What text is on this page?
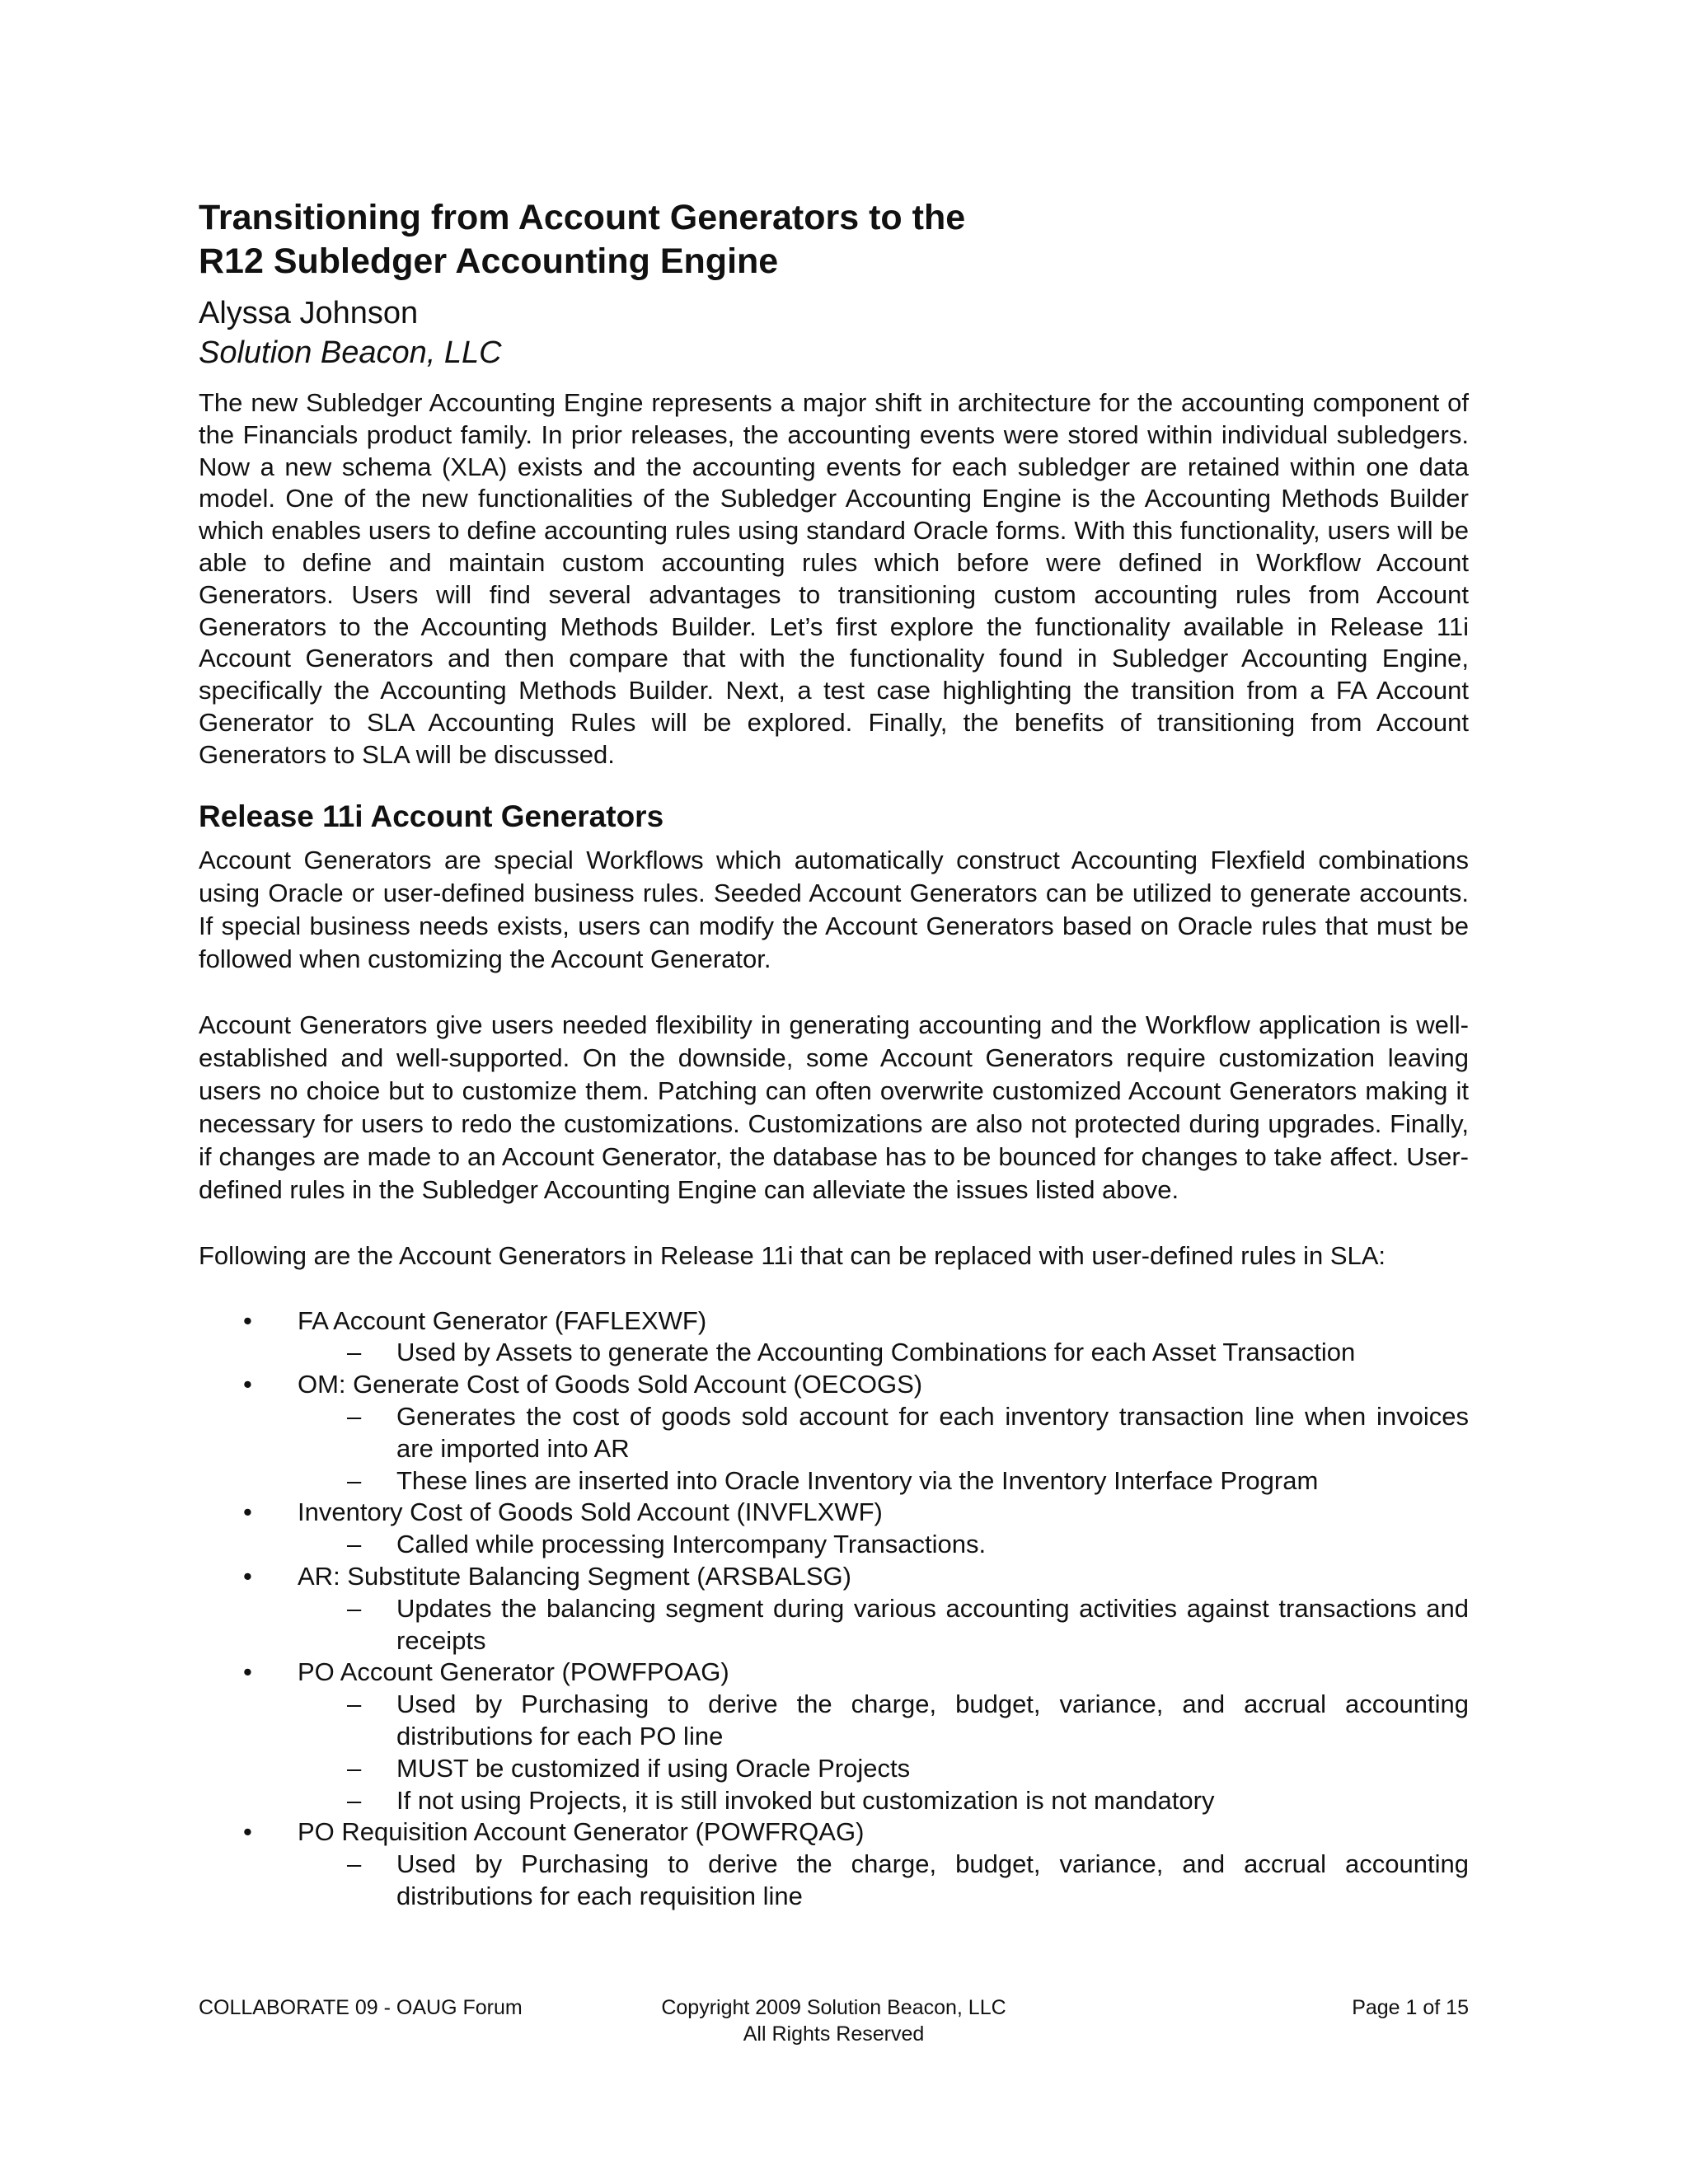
Transitioning from Account Generators to the
R12 Subledger Accounting Engine
Alyssa Johnson
Solution Beacon, LLC

The new Subledger Accounting Engine represents a major shift in architecture for the accounting component of the Financials product family. In prior releases, the accounting events were stored within individual subledgers. Now a new schema (XLA) exists and the accounting events for each subledger are retained within one data model. One of the new functionalities of the Subledger Accounting Engine is the Accounting Methods Builder which enables users to define accounting rules using standard Oracle forms. With this functionality, users will be able to define and maintain custom accounting rules which before were defined in Workflow Account Generators. Users will find several advantages to transitioning custom accounting rules from Account Generators to the Accounting Methods Builder. Let’s first explore the functionality available in Release 11i Account Generators and then compare that with the functionality found in Subledger Accounting Engine, specifically the Accounting Methods Builder. Next, a test case highlighting the transition from a FA Account Generator to SLA Accounting Rules will be explored. Finally, the benefits of transitioning from Account Generators to SLA will be discussed.

Release 11i Account Generators

Account Generators are special Workflows which automatically construct Accounting Flexfield combinations using Oracle or user-defined business rules. Seeded Account Generators can be utilized to generate accounts. If special business needs exists, users can modify the Account Generators based on Oracle rules that must be followed when customizing the Account Generator.

Account Generators give users needed flexibility in generating accounting and the Workflow application is well-established and well-supported. On the downside, some Account Generators require customization leaving users no choice but to customize them. Patching can often overwrite customized Account Generators making it necessary for users to redo the customizations. Customizations are also not protected during upgrades. Finally, if changes are made to an Account Generator, the database has to be bounced for changes to take affect. User-defined rules in the Subledger Accounting Engine can alleviate the issues listed above.

Following are the Account Generators in Release 11i that can be replaced with user-defined rules in SLA:

• FA Account Generator (FAFLEXWF)
– Used by Assets to generate the Accounting Combinations for each Asset Transaction
• OM: Generate Cost of Goods Sold Account (OECOGS)
– Generates the cost of goods sold account for each inventory transaction line when invoices are imported into AR
– These lines are inserted into Oracle Inventory via the Inventory Interface Program
• Inventory Cost of Goods Sold Account (INVFLXWF)
– Called while processing Intercompany Transactions.
• AR: Substitute Balancing Segment (ARSBALSG)
– Updates the balancing segment during various accounting activities against transactions and receipts
• PO Account Generator (POWFPOAG)
– Used by Purchasing to derive the charge, budget, variance, and accrual accounting distributions for each PO line
– MUST be customized if using Oracle Projects
– If not using Projects, it is still invoked but customization is not mandatory
• PO Requisition Account Generator (POWFRQAG)
– Used by Purchasing to derive the charge, budget, variance, and accrual accounting distributions for each requisition line
COLLABORATE 09 - OAUG Forum	Copyright 2009 Solution Beacon, LLC
All Rights Reserved
Page 1 of 15
